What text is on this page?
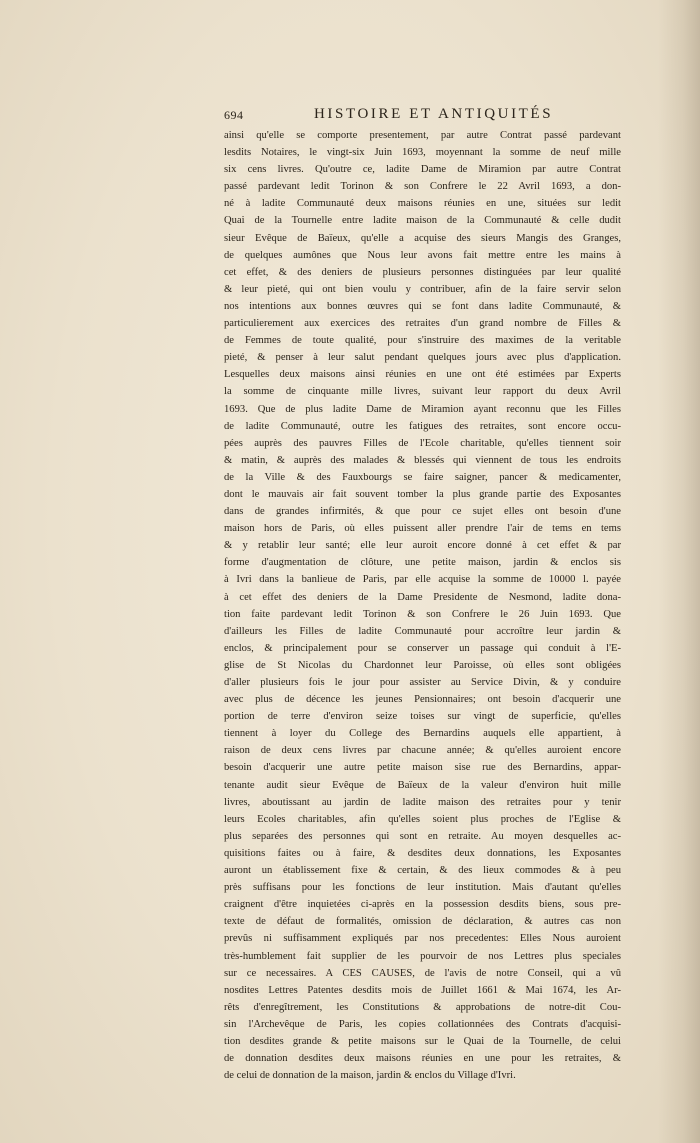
694	HISTOIRE ET ANTIQUITÉS
ainsi qu'elle se comporte presentement, par autre Contrat passé pardevant
lesdits Notaires, le vingt-six Juin 1693, moyennant la somme de neuf mille
six cens livres. Qu'outre ce, ladite Dame de Miramion par autre Contrat
passé pardevant ledit Torinon & son Confrere le 22 Avril 1693, a don-
né à ladite Communauté deux maisons réunies en une, situées sur ledit
Quai de la Tournelle entre ladite maison de la Communauté & celle dudit
sieur Evêque de Baïeux, qu'elle a acquise des sieurs Mangis des Granges,
de quelques aumônes que Nous leur avons fait mettre entre les mains à
cet effet, & des deniers de plusieurs personnes distinguées par leur qualité
& leur pieté, qui ont bien voulu y contribuer, afin de la faire servir selon
nos intentions aux bonnes œuvres qui se font dans ladite Communauté, &
particulierement aux exercices des retraites d'un grand nombre de Filles &
de Femmes de toute qualité, pour s'instruire des maximes de la veritable
pieté, & penser à leur salut pendant quelques jours avec plus d'application.
Lesquelles deux maisons ainsi réunies en une ont été estimées par Experts
la somme de cinquante mille livres, suivant leur rapport du deux Avril
1693. Que de plus ladite Dame de Miramion ayant reconnu que les Filles
de ladite Communauté, outre les fatigues des retraites, sont encore occu-
pées auprès des pauvres Filles de l'Ecole charitable, qu'elles tiennent soir
& matin, & auprès des malades & blessés qui viennent de tous les endroits
de la Ville & des Fauxbourgs se faire saigner, pancer & medicamenter,
dont le mauvais air fait souvent tomber la plus grande partie des Exposantes
dans de grandes infirmités, & que pour ce sujet elles ont besoin d'une
maison hors de Paris, où elles puissent aller prendre l'air de tems en tems
& y retablir leur santé; elle leur auroit encore donné à cet effet & par
forme d'augmentation de clôture, une petite maison, jardin & enclos sis
à Ivri dans la banlieue de Paris, par elle acquise la somme de 10000 l. payée
à cet effet des deniers de la Dame Presidente de Nesmond, ladite dona-
tion faite pardevant ledit Torinon & son Confrere le 26 Juin 1693. Que
d'ailleurs les Filles de ladite Communauté pour accroître leur jardin &
enclos, & principalement pour se conserver un passage qui conduit à l'E-
glise de St Nicolas du Chardonnet leur Paroisse, où elles sont obligées
d'aller plusieurs fois le jour pour assister au Service Divin, & y conduire
avec plus de décence les jeunes Pensionnaires; ont besoin d'acquerir une
portion de terre d'environ seize toises sur vingt de superficie, qu'elles
tiennent à loyer du College des Bernardins auquels elle appartient, à
raison de deux cens livres par chacune année; & qu'elles auroient encore
besoin d'acquerir une autre petite maison sise rue des Bernardins, appar-
tenante audit sieur Evêque de Baïeux de la valeur d'environ huit mille
livres, aboutissant au jardin de ladite maison des retraites pour y tenir
leurs Ecoles charitables, afin qu'elles soient plus proches de l'Eglise &
plus separées des personnes qui sont en retraite. Au moyen desquelles ac-
quisitions faites ou à faire, & desdites deux donnations, les Exposantes
auront un établissement fixe & certain, & des lieux commodes & à peu
près suffisans pour les fonctions de leur institution. Mais d'autant qu'elles
craignent d'être inquietées ci-après en la possession desdits biens, sous pre-
texte de défaut de formalités, omission de déclaration, & autres cas non
prevûs ni suffisamment expliqués par nos precedentes: Elles Nous auroient
très-humblement fait supplier de les pourvoir de nos Lettres plus speciales
sur ce necessaires. A CES CAUSES, de l'avis de notre Conseil, qui a vû
nosdites Lettres Patentes desdits mois de Juillet 1661 & Mai 1674, les Ar-
rêts d'enregîtrement, les Constitutions & approbations de notre-dit Cou-
sin l'Archevêque de Paris, les copies collationnées des Contrats d'acquisi-
tion desdites grande & petite maisons sur le Quai de la Tournelle, de celui
de donnation desdites deux maisons réunies en une pour les retraites, &
de celui de donnation de la maison, jardin & enclos du Village d'Ivri.
